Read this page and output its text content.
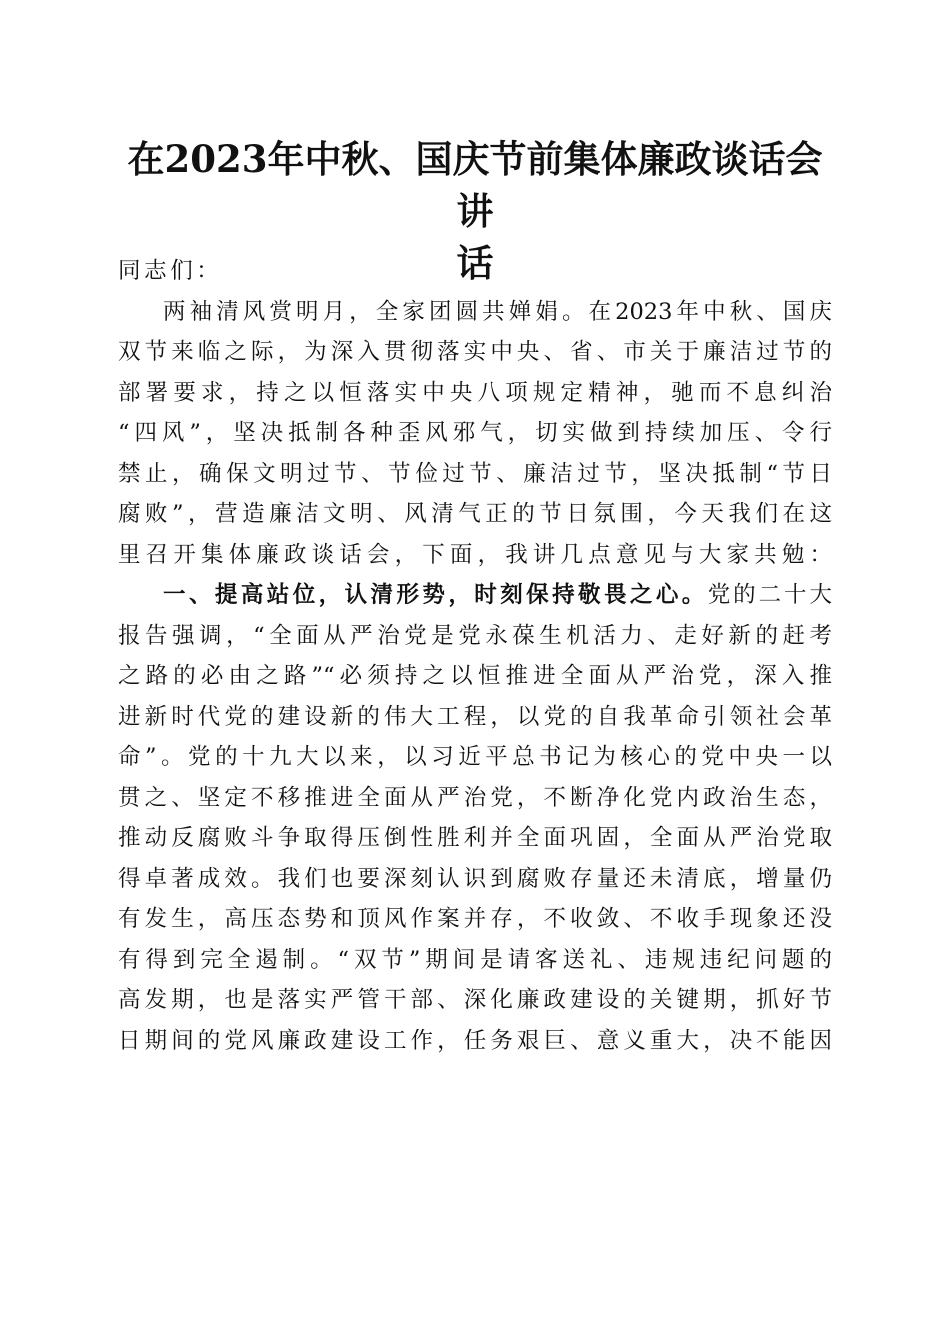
在2023年中秋、国庆节前集体廉政谈话会讲
话
同志们：
两袖清风赏明月，全家团圆共婵娟。在2023年中秋、国庆
双节来临之际，为深入贯彻落实中央、省、市关于廉洁过节的
部署要求，持之以恒落实中央八项规定精神，驰而不息纠治
“四风”，坚决抵制各种歪风邪气，切实做到持续加压、令行
禁止，确保文明过节、节俭过节、廉洁过节，坚决抵制“节日
腐败”，营造廉洁文明、风清气正的节日氛围，今天我们在这
里召开集体廉政谈话会，下面，我讲几点意见与大家共勉：
一、提高站位，认清形势，时刻保持敬畏之心。党的二十大
报告强调，“全面从严治党是党永葆生机活力、走好新的赶考
之路的必由之路”“必须持之以恒推进全面从严治党，深入推
进新时代党的建设新的伟大工程，以党的自我革命引领社会革
命”。党的十九大以来，以习近平总书记为核心的党中央一以
贯之、坚定不移推进全面从严治党，不断净化党内政治生态，
推动反腐败斗争取得压倒性胜利并全面巩固，全面从严治党取
得卓著成效。我们也要深刻认识到腐败存量还未清底，增量仍
有发生，高压态势和顶风作案并存，不收敛、不收手现象还没
有得到完全遏制。“双节”期间是请客送礼、违规违纪问题的
高发期，也是落实严管干部、深化廉政建设的关键期，抓好节
日期间的党风廉政建设工作，任务艰巨、意义重大，决不能因
